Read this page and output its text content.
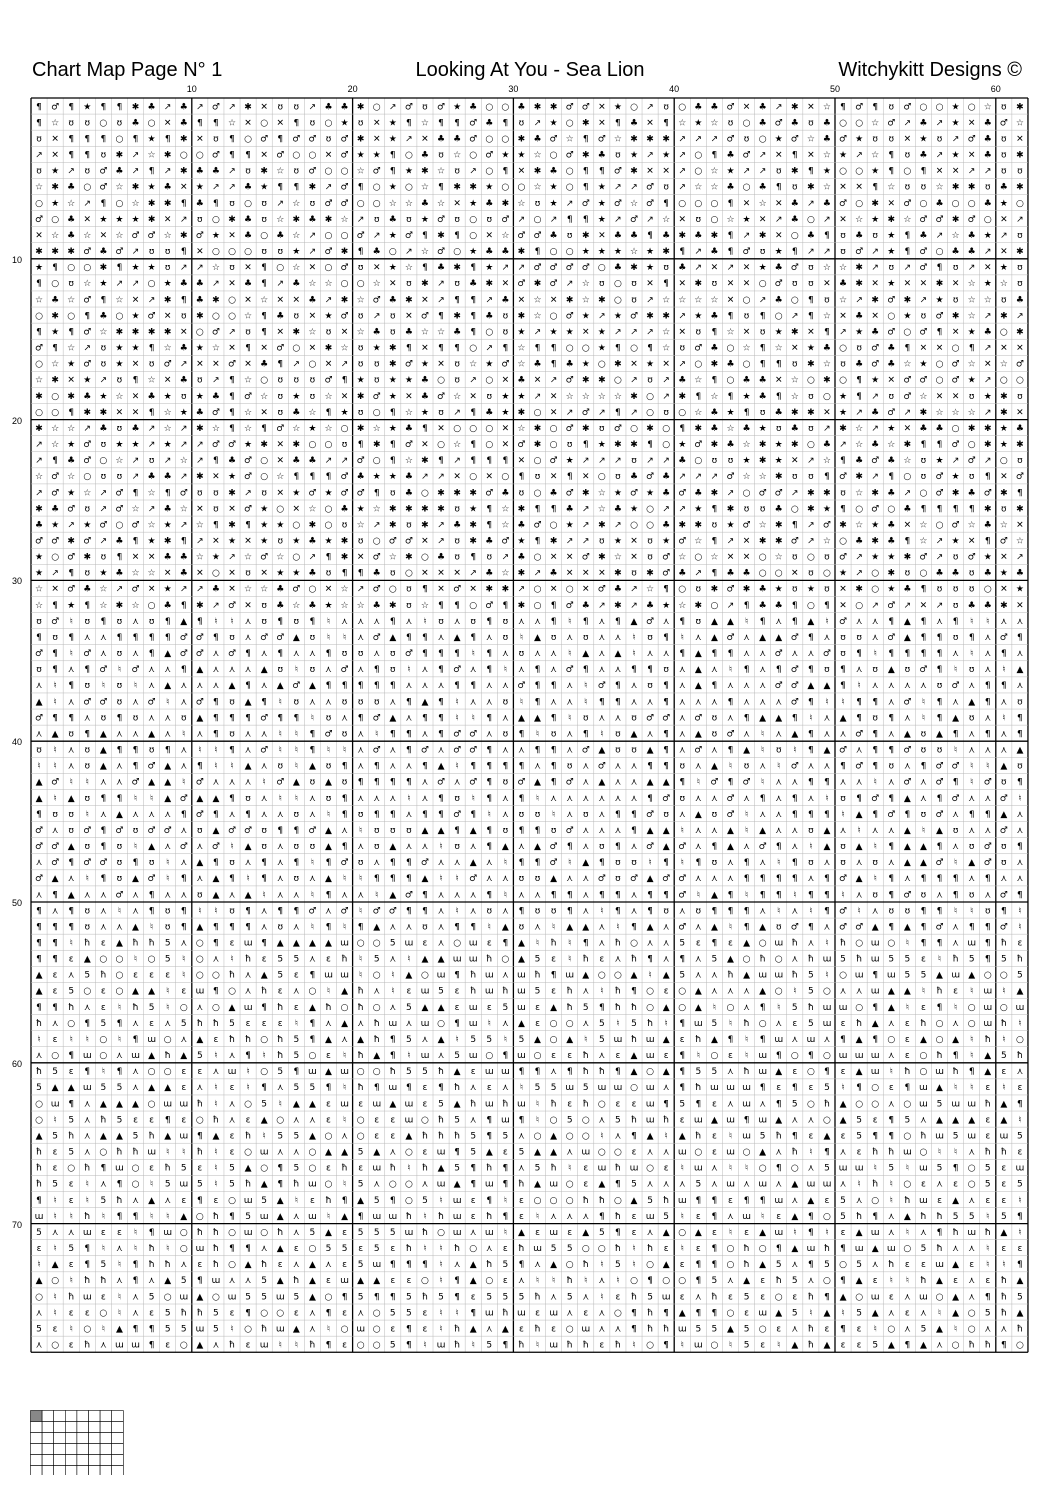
Chart Map Page N° 1	Looking At You - Sea Lion	Witchykitt Designs ©
10	20	30	40	50	60
10
20
30
40
50
60
70
¶ ♂ ¶ ★ ¶ ¶ ✱ ♣ ↗ ♣ ↗ ♂ ↗ ✱ ✕ ʊ ʊ ↗ ♣ ♣ ✱ ○ ↗ ♂ ʊ ♂ ★ ♣ ○ ○ ♣ ✱ ✱ ♂ ♂ ✕ ★ ○ ↗ ʊ ○ ♣ ♣ ♂ ✕ ♣ ↗ ✱ ✕ ☆ ¶ ♂ ¶ ʊ ♂ ○ ○ ★ ○ ☆ ʊ ✱
¶ ☆ ʊ ʊ ○ ʊ ♣ ○ ✕ ♣ ¶ ¶ ☆ ✕ ○ ✕ ¶ ʊ ○ ★ ʊ ✕ ★ ¶ ☆ ¶ ¶ ♂ ♣ ¶ ʊ ↗ ★ ○ ✱ ✕ ¶ ♣ ✕ ¶ ☆ ★ ☆ ʊ ○ ♣ ♂ ♣ ʊ ♣ ○ ○ ☆ ♂ ↗ ♣ ↗ ★ ✕ ♣ ♂ ☆
ʊ ✕ ¶ ¶ ¶ ○ ¶ ★ ¶ ✱ ✕ ʊ ¶ ○ ♂ ¶ ♂ ♂ ʊ ♂ ✱ ✕ ★ ↗ ✕ ♣ ♣ ♂ ○ ○ ✱ ♣ ♂ ☆ ¶ ♂ ☆ ✱ ✱ ✱ ↗ ↗ ↗ ♂ ʊ ○ ★ ♂ ☆ ♣ ♂ ★ ʊ ʊ ✕ ★ ʊ ↗ ♂ ♣ ʊ ✕
↗ ✕ ¶ ¶ ʊ ✱ ↗ ☆ ✱ ○ ○ ♂ ¶ ¶ ✕ ♂ ○ ○ ✕ ♂ ★ ★ ¶ ○ ♣ ʊ ☆ ○ ♂ ★ ★ ☆ ○ ♂ ✱ ♣ ʊ ★ ↗ ★ ↗ ○ ¶ ♣ ♂ ↗ ✕ ¶ ✕ ☆ ★ ↗ ☆ ¶ ʊ ♣ ↗ ★ ✕ ♣ ʊ ✱
ʊ ★ ↗ ʊ ♂ ♣ ↗ ¶ ↗ ✱ ♣ ♣ ↗ ʊ ✱ ☆ ʊ ♂ ○ ○ ☆ ♂ ¶ ★ ✱ ☆ ʊ ↗ ○ ¶ ✕ ✱ ♣ ○ ¶ ¶ ♂ ✱ ✕ ✕ ↗ ○ ☆ ★ ↗ ↗ ʊ ✱ ¶ ★ ○ ○ ★ ¶ ○ ¶ ✕ ✕ ↗ ↗ ʊ ʊ
☆ ✱ ♣ ○ ♂ ☆ ✱ ★ ♣ ✕ ★ ↗ ↗ ♣ ★ ¶ ¶ ✱ ↗ ♂ ¶ ○ ★ ○ ☆ ¶ ✱ ✱ ★ ○ ○ ☆ ★ ○ ¶ ★ ↗ ↗ ♂ ʊ ↗ ☆ ☆ ♣ ○ ♣ ¶ ʊ ✱ ☆ ✕ ✕ ¶ ☆ ʊ ʊ ☆ ✱ ✱ ʊ ♣ ✱
○ ★ ☆ ↗ ¶ ○ ☆ ✱ ✱ ¶ ♣ ¶ ʊ ○ ʊ ↗ ☆ ʊ ♂ ♂ ○ ○ ☆ ☆ ♣ ☆ ✕ ★ ♣ ✱ ☆ ʊ ★ ↗ ♂ ★ ♂ ☆ ♂ ¶ ○ ○ ○ ¶ ✕ ☆ ✕ ♣ ↗ ♣ ♂ ○ ✱ ✕ ♂ ○ ♣ ○ ○ ♣ ★ ○
♂ ○ ♣ ✕ ★ ★ ★ ✱ ✕ ↗ ʊ ○ ✱ ♣ ʊ ☆ ✱ ♣ ✱ ☆ ↗ ʊ ♣ ʊ ★ ♂ ʊ ○ ʊ ♂ ↗ ○ ↗ ¶ ¶ ★ ↗ ♂ ↗ ☆ ✕ ʊ ○ ☆ ★ ✕ ↗ ♣ ○ ↗ ✕ ☆ ★ ✱ ☆ ♂ ♂ ✱ ♂ ○ ✕ ↗
✕ ☆ ♣ ☆ ✕ ☆ ♂ ♂ ☆ ✱ ♂ ★ ✕ ♣ ○ ♣ ☆ ↗ ○ ○ ♂ ↗ ★ ♂ ¶ ✱ ¶ ○ ✕ ☆ ♂ ♂ ♣ ʊ ✱ ✕ ♣ ♣ ¶ ♣ ✱ ♣ ✱ ¶ ↗ ✱ ✕ ○ ♣ ¶ ʊ ♣ ʊ ★ ¶ ♣ ↗ ☆ ♣ ★ ↗ ʊ
✱ ✱ ✱ ♂ ♣ ♂ ↗ ʊ ʊ ¶ ✕ ○ ○ ○ ʊ ʊ ★ ↗ ♂ ✱ ¶ ♣ ○ ↗ ☆ ♂ ○ ★ ♣ ♣ ✱ ¶ ○ ○ ★ ★ ★ ☆ ★ ✱ ¶ ↗ ♣ ¶ ♂ ʊ ★ ¶ ↗ ↗ ʊ ♂ ↗ ★ ¶ ♂ ○ ♣ ♣ ↗ ✕ ✱
★ ¶ ○ ○ ✱ ¶ ★ ★ ʊ ↗ ↗ ☆ ʊ ✕ ¶ ○ ☆ ✕ ○ ♂ ʊ ✕ ★ ☆ ¶ ♣ ✱ ¶ ★ ↗ ↗ ♂ ♂ ♂ ♂ ○ ♣ ✱ ★ ʊ ♣ ↗ ✕ ↗ ✕ ★ ♣ ♂ ʊ ☆ ☆ ✱ ↗ ʊ ↗ ♂ ¶ ʊ ↗ ✕ ★ ʊ
¶ ○ ʊ ☆ ★ ↗ ↗ ○ ★ ♣ ♣ ↗ ✕ ♣ ¶ ↗ ♣ ☆ ☆ ○ ○ ☆ ✕ ʊ ✱ ↗ ʊ ♣ ✱ ✕ ♂ ✱ ♂ ↗ ☆ ʊ ○ ʊ ✕ ¶ ✕ ✱ ʊ ✕ ✕ ○ ♂ ʊ ʊ ✕ ♣ ✱ ✕ ★ ✕ ✕ ✱ ✕ ☆ ★ ☆ ʊ
☆ ♣ ☆ ♂ ¶ ☆ ✕ ↗ ✱ ¶ ♣ ✱ ○ ✕ ☆ ✕ ✕ ♣ ↗ ✱ ☆ ♂ ♣ ✱ ✕ ↗ ¶ ¶ ↗ ♣ ✕ ☆ ✕ ✱ ☆ ✱ ○ ʊ ↗ ☆ ☆ ☆ ☆ ✕ ○ ↗ ♣ ○ ¶ ʊ ☆ ↗ ✱ ♂ ✱ ↗ ★ ʊ ☆ ☆ ʊ ♣
○ ✱ ○ ¶ ♣ ○ ★ ♂ ✕ ʊ ✱ ○ ○ ☆ ¶ ♣ ʊ ✕ ★ ♂ ʊ ↗ ʊ ✕ ♂ ¶ ✱ ¶ ♣ ʊ ✱ ☆ ○ ♂ ★ ↗ ★ ♂ ✱ ✱ ↗ ★ ♣ ¶ ʊ ¶ ○ ↗ ¶ ☆ ✕ ♣ ✕ ○ ★ ʊ ♂ ✱ ☆ ↗ ✱ ↗
¶ ★ ¶ ♂ ☆ ✱ ✱ ✱ ✱ ✕ ○ ♂ ↗ ʊ ¶ ✕ ✱ ☆ ʊ ✕ ☆ ♣ ʊ ♣ ☆ ☆ ♣ ¶ ○ ʊ ★ ↗ ★ ★ ✕ ★ ↗ ↗ ↗ ☆ ✕ ʊ ¶ ☆ ✕ ʊ ★ ✱ ✕ ¶ ↗ ★ ♣ ♂ ○ ♂ ¶ ✕ ★ ♣ ○ ✱
♂ ¶ ☆ ↗ ʊ ★ ★ ¶ ☆ ♣ ★ ☆ ✕ ¶ ✕ ♂ ○ ✕ ✱ ☆ ʊ ★ ✱ ¶ ✕ ¶ ¶ ○ ↗ ¶ ☆ ¶ ¶ ○ ○ ★ ¶ ○ ¶ ☆ ʊ ♂ ♣ ○ ☆ ¶ ☆ ✕ ★ ♣ ○ ʊ ♂ ♣ ¶ ✕ ✕ ○ ¶ ↗ ✕ ✕
○ ☆ ★ ♂ ʊ ★ ✕ ʊ ♂ ↗ ✕ ✕ ♂ ✕ ♣ ¶ ↗ ○ ✕ ↗ ʊ ʊ ✱ ♂ ★ ✕ ʊ ☆ ★ ♂ ☆ ♣ ¶ ♣ ★ ○ ✱ ✕ ★ ✕ ↗ ○ ✱ ♣ ○ ¶ ¶ ʊ ✱ ☆ ʊ ♣ ♂ ♣ ☆ ★ ○ ♂ ☆ ✕ ☆ ♂
☆ ✱ ✕ ★ ↗ ʊ ¶ ☆ ✕ ♣ ʊ ↗ ¶ ☆ ○ ʊ ʊ ʊ ♂ ¶ ★ ʊ ★ ★ ♣ ○ ʊ ↗ ○ ✕ ♣ ✕ ↗ ♂ ✱ ✱ ○ ↗ ʊ ↗ ♣ ☆ ¶ ○ ♣ ♣ ✕ ☆ ○ ✱ ○ ¶ ★ ✕ ♂ ♂ ○ ♂ ★ ↗ ○ ○
✱ ○ ✱ ♣ ★ ☆ ✕ ♣ ★ ʊ ★ ♣ ¶ ♂ ☆ ʊ ★ ʊ ☆ ✕ ✱ ♂ ★ ✕ ♣ ♂ ☆ ✕ ʊ ★ ★ ↗ ✕ ☆ ☆ ☆ ☆ ✱ ○ ↗ ✱ ¶ ☆ ¶ ★ ♣ ¶ ☆ ʊ ○ ★ ¶ ↗ ʊ ♂ ☆ ✕ ✕ ʊ ★ ✱ ʊ
○ ○ ¶ ✱ ✱ ✕ ✕ ¶ ☆ ★ ♣ ♂ ¶ ☆ ✕ ʊ ♣ ☆ ¶ ★ ʊ ○ ¶ ☆ ★ ʊ ↗ ¶ ♣ ★ ✱ ○ ✕ ↗ ♂ ↗ ¶ ↗ ○ ʊ ○ ☆ ♣ ★ ¶ ʊ ♣ ✱ ✱ ✕ ★ ↗ ♣ ♂ ↗ ✱ ☆ ☆ ☆ ↗ ✱ ✕
✱ ☆ ☆ ↗ ♣ ʊ ♣ ↗ ☆ ↗ ✱ ☆ ¶ ☆ ¶ ♂ ☆ ★ ☆ ○ ✱ ☆ ★ ♣ ¶ ✕ ○ ○ ○ ✕ ☆ ✱ ○ ♂ ✱ ʊ ♂ ○ ✱ ○ ¶ ✱ ♣ ☆ ♣ ★ ʊ ♣ ʊ ↗ ✱ ☆ ↗ ★ ✕ ♣ ♣ ○ ✱ ✱ ★ ♣
↗ ☆ ★ ♂ ʊ ★ ★ ↗ ★ ↗ ↗ ♂ ♂ ★ ✱ ✕ ✱ ○ ○ ʊ ¶ ✱ ¶ ♂ ✕ ○ ☆ ¶ ○ ✕ ♂ ✱ ○ ʊ ¶ ★ ✱ ✱ ¶ ○ ★ ♂ ✱ ♣ ☆ ✱ ★ ✱ ○ ♣ ↗ ☆ ♣ ☆ ✱ ¶ ¶ ♂ ○ ✱ ★ ✱
↗ ¶ ♣ ♂ ○ ☆ ↗ ʊ ↗ ☆ ↗ ¶ ♣ ♂ ○ ✕ ♣ ♣ ↗ ↗ ♂ ○ ¶ ☆ ✱ ¶ ↗ ¶ ¶ ¶ ✕ ○ ♂ ★ ↗ ↗ ↗ ʊ ↗ ↗ ♣ ○ ʊ ʊ ★ ✱ ★ ✕ ↗ ☆ ¶ ♣ ♂ ♣ ☆ ʊ ★ ↗ ♂ ↗ ○ ʊ
☆ ♂ ☆ ○ ʊ ʊ ↗ ♣ ♣ ↗ ✱ ✕ ★ ♂ ○ ☆ ¶ ¶ ¶ ♂ ♣ ★ ★ ♣ ↗ ↗ ✕ ○ ✕ ○ ¶ ʊ ✕ ¶ ✕ ○ ʊ ♣ ♂ ♣ ↗ ↗ ↗ ♂ ☆ ☆ ✱ ʊ ʊ ¶ ♂ ✱ ↗ ¶ ○ ʊ ♂ ★ ʊ ¶ ✕ ♂
↗ ♂ ★ ☆ ↗ ♂ ¶ ☆ ¶ ♂ ʊ ʊ ✱ ↗ ʊ ✕ ★ ♂ ★ ♂ ♂ ¶ ʊ ♣ ○ ✱ ✱ ✱ ♂ ♣ ʊ ○ ♣ ♂ ✱ ☆ ★ ♂ ★ ♣ ♂ ♣ ✱ ↗ ○ ♂ ♂ ↗ ✱ ✱ ʊ ☆ ✱ ♣ ↗ ○ ♂ ✱ ♣ ♂ ✱ ¶
✱ ♣ ♂ ʊ ↗ ♂ ☆ ↗ ♣ ☆ ✕ ʊ ✕ ♂ ★ ○ ✕ ☆ ○ ♣ ★ ☆ ✱ ✱ ✱ ✱ ʊ ★ ¶ ☆ ✱ ¶ ¶ ♣ ↗ ☆ ♣ ★ ○ ↗ ↗ ★ ¶ ✱ ʊ ʊ ♣ ○ ✱ ★ ¶ ○ ♂ ○ ♣ ¶ ¶ ¶ ¶ ✱ ʊ ✱
♣ ★ ↗ ★ ♂ ○ ♂ ☆ ★ ↗ ☆ ¶ ✱ ¶ ★ ★ ○ ✱ ○ ʊ ☆ ↗ ✱ ʊ ✱ ↗ ♣ ✱ ¶ ☆ ♣ ♂ ○ ★ ↗ ✱ ↗ ○ ○ ♣ ✱ ✱ ʊ ★ ♂ ☆ ✱ ¶ ↗ ♂ ✱ ☆ ★ ♣ ✕ ☆ ○ ♂ ☆ ♣ ☆ ✕
♂ ♂ ✱ ♂ ↗ ♣ ¶ ★ ✱ ¶ ↗ ✕ ★ ✕ ★ ʊ ★ ♣ ★ ✱ ʊ ○ ♂ ♂ ✕ ↗ ʊ ✱ ♣ ♂ ★ ¶ ✱ ↗ ↗ ʊ ★ ✕ ʊ ★ ♂ ☆ ¶ ↗ ✕ ✱ ✱ ♂ ↗ ☆ ○ ♣ ✱ ♣ ¶ ☆ ↗ ★ ✕ ¶ ♂ ☆
★ ○ ♂ ✱ ʊ ¶ ✕ ✕ ♣ ♣ ☆ ★ ↗ ☆ ♂ ☆ ○ ↗ ¶ ✱ ✕ ♂ ☆ ✱ ○ ♣ ʊ ¶ ʊ ↗ ♣ ○ ✕ ✕ ♂ ✱ ☆ ✕ ʊ ♂ ☆ ○ ☆ ✕ ✕ ○ ☆ ʊ ○ ʊ ♂ ↗ ★ ★ ✱ ♂ ↗ ʊ ♂ ★ ✕ ↗
★ ↗ ¶ ʊ ★ ♣ ☆ ☆ ✕ ♣ ✕ ○ ✕ ʊ ✕ ★ ★ ♣ ʊ ¶ ¶ ♣ ʊ ○ ✕ ✕ ✕ ↗ ♣ ☆ ✱ ↗ ♣ ✕ ✕ ✕ ✱ ʊ ✱ ♂ ♣ ↗ ¶ ♣ ♣ ○ ○ ✕ ʊ ○ ★ ↗ ○ ✱ ʊ ○ ♣ ♣ ʊ ♣ ★ ♣
☆ ✕ ♂ ♣ ☆ ↗ ♂ ✕ ★ ↗ ↗ ♣ ✕ ☆ ☆ ♣ ♂ ○ ✕ ☆ ↗ ♂ ○ ʊ ¶ ✕ ♂ ✕ ✱ ✱ ↗ ○ ✕ ○ ✕ ♂ ♣ ↗ ☆ ¶ ○ ʊ ✱ ♂ ✱ ♣ ★ ʊ ★ ʊ ✕ ✱ ○ ★ ♣ ¶ ʊ ʊ ʊ ○ ✕ ★
☆ ¶ ★ ¶ ☆ ✱ ☆ ○ ♣ ¶ ✱ ↗ ♂ ✕ ʊ ♣ ☆ ♣ ★ ☆ ☆ ♣ ✱ ʊ ☆ ¶ ¶ ○ ♂ ¶ ✱ ○ ¶ ♂ ♣ ↗ ✱ ↗ ♣ ★ ☆ ✱ ○ ↗ ¶ ♣ ♣ ¶ ○ ¶ ✕ ○ ↗ ♂ ↗ ✕ ↗ ʊ ♣ ♣ ✱ ✕
ʊ ♂ ♮ ʊ ¶ ʊ ⋏ ʊ ¶ ▲ ¶ ♮ ♮ ⋏ ʊ ¶ ʊ ¶ ♮ ⋏ ⋏ ⋏ ¶ ⋏ ♮ ʊ ⋏ ʊ ¶ ʊ ⋏ ⋏ ¶ ♮ ¶ ⋏ ¶ ▲ ♂ ⋏ ¶ ʊ ▲ ▲ ♮ ¶ ⋏ ¶ ▲ ♮ ♂ ⋏ ⋏ ¶ ▲ ¶ ⋏ ¶ ♮ ♮ ⋏ ⋏
¶ ʊ ¶ ⋏ ⋏ ¶ ¶ ¶ ¶ ♂ ♂ ¶ ʊ ⋏ ♂ ♂ ▲ ʊ ♮ ♮ ⋏ ♂ ▲ ¶ ¶ ⋏ ▲ ¶ ⋏ ʊ ♮ ▲ ʊ ⋏ ʊ ⋏ ⋏ ♮ ʊ ¶ ♮ ⋏ ▲ ♂ ⋏ ▲ ▲ ♂ ¶ ⋏ ʊ ʊ ⋏ ♂ ▲ ¶ ¶ ʊ ¶ ⋏ ♂ ¶
♂ ¶ ♮ ♂ ⋏ ʊ ⋏ ¶ ▲ ♂ ♂ ⋏ ♂ ¶ ⋏ ¶ ⋏ ⋏ ¶ ʊ ʊ ⋏ ʊ ♂ ¶ ¶ ¶ ♮ ¶ ⋏ ʊ ⋏ ⋏ ♮ ▲ ⋏ ▲ ♮ ⋏ ⋏ ¶ ▲ ¶ ¶ ⋏ ⋏ ♂ ⋏ ⋏ ♂ ʊ ¶ ♮ ¶ ¶ ¶ ¶ ⋏ ♮ ⋏ ¶ ⋏
ʊ ¶ ⋏ ¶ ♂ ♮ ♂ ⋏ ⋏ ¶ ▲ ⋏ ⋏ ⋏ ▲ ʊ ♮ ʊ ⋏ ♂ ⋏ ¶ ʊ ♮ ⋏ ¶ ♂ ⋏ ¶ ♮ ⋏ ¶ ⋏ ♂ ¶ ⋏ ⋏ ¶ ¶ ʊ ⋏ ▲ ⋏ ♮ ¶ ⋏ ¶ ♂ ¶ ʊ ¶ ⋏ ʊ ▲ ʊ ♂ ¶ ♮ ʊ ⋏ ♮ ▲
⋏ ♮ ¶ ʊ ♮ ʊ ♮ ⋏ ▲ ⋏ ⋏ ⋏ ▲ ¶ ⋏ ▲ ♂ ▲ ¶ ¶ ¶ ¶ ¶ ⋏ ⋏ ⋏ ¶ ¶ ⋏ ⋏ ♂ ¶ ¶ ⋏ ♮ ♂ ¶ ⋏ ʊ ¶ ⋏ ▲ ¶ ⋏ ⋏ ⋏ ♂ ♂ ▲ ▲ ¶ ♮ ⋏ ⋏ ⋏ ⋏ ʊ ♂ ⋏ ¶ ¶ ⋏
▲ ♮ ⋏ ♂ ♂ ʊ ⋏ ♂ ♮ ⋏ ♂ ¶ ʊ ▲ ¶ ♮ ʊ ⋏ ⋏ ʊ ʊ ʊ ⋏ ¶ ▲ ¶ ♮ ⋏ ⋏ ʊ ♮ ¶ ⋏ ⋏ ♮ ¶ ¶ ⋏ ⋏ ¶ ⋏ ⋏ ⋏ ¶ ⋏ ⋏ ⋏ ♂ ¶ ♮ ♮ ¶ ¶ ⋏ ♂ ♮ ¶ ⋏ ▲ ¶ ⋏ ʊ
♂ ¶ ¶ ⋏ ʊ ¶ ʊ ⋏ ⋏ ʊ ▲ ¶ ¶ ¶ ♂ ¶ ¶ ♮ ʊ ⋏ ¶ ♂ ▲ ⋏ ¶ ¶ ♮ ♮ ¶ ⋏ ▲ ▲ ¶ ♮ ʊ ⋏ ⋏ ʊ ♂ ♂ ⋏ ♂ ʊ ⋏ ¶ ▲ ▲ ¶ ♮ ⋏ ▲ ¶ ʊ ¶ ⋏ ♮ ¶ ▲ ʊ ⋏ ♮ ¶
⋏ ▲ ʊ ¶ ▲ ⋏ ⋏ ▲ ⋏ ♮ ⋏ ¶ ʊ ⋏ ⋏ ♮ ♮ ¶ ♂ ʊ ⋏ ♮ ¶ ¶ ⋏ ¶ ♂ ♂ ⋏ ʊ ¶ ♮ ʊ ⋏ ¶ ♮ ʊ ▲ ⋏ ¶ ⋏ ▲ ʊ ♂ ⋏ ♮ ⋏ ▲ ¶ ⋏ ⋏ ♂ ¶ ⋏ ▲ ʊ ▲ ¶ ⋏ ¶ ⋏ ¶
ʊ ♮ ⋏ ʊ ▲ ¶ ¶ ʊ ¶ ⋏ ♮ ♮ ¶ ⋏ ♂ ♮ ♮ ¶ ♮ ♮ ⋏ ♂ ⋏ ¶ ♂ ⋏ ♂ ♂ ¶ ⋏ ⋏ ¶ ¶ ⋏ ♂ ▲ ʊ ʊ ▲ ¶ ⋏ ♂ ⋏ ¶ ▲ ♮ ʊ ♮ ¶ ▲ ♂ ⋏ ¶ ¶ ♂ ʊ ʊ ♮ ⋏ ⋏ ⋏ ▲
♮ ♮ ⋏ ʊ ▲ ⋏ ¶ ♂ ▲ ⋏ ¶ ♮ ♮ ▲ ⋏ ʊ ♮ ▲ ʊ ¶ ⋏ ¶ ⋏ ⋏ ¶ ▲ ♮ ¶ ¶ ¶ ¶ ⋏ ¶ ʊ ⋏ ♂ ⋏ ⋏ ¶ ¶ ʊ ⋏ ▲ ♮ ʊ ⋏ ♮ ♂ ⋏ ⋏ ¶ ♂ ¶ ʊ ⋏ ¶ ♂ ♂ ♮ ♮ ▲ ʊ
▲ ♂ ♮ ♮ ⋏ ⋏ ♂ ▲ ▲ ♮ ♂ ⋏ ⋏ ⋏ ♮ ♂ ▲ ʊ ▲ ʊ ¶ ¶ ¶ ¶ ⋏ ♂ ⋏ ♂ ¶ ʊ ♂ ▲ ¶ ♂ ⋏ ▲ ⋏ ⋏ ▲ ▲ ¶ ♮ ♂ ¶ ♂ ♮ ⋏ ⋏ ¶ ¶ ⋏ ⋏ ♮ ⋏ ♂ ⋏ ♂ ¶ ♮ ♂ ʊ ¶
▲ ♮ ▲ ʊ ¶ ¶ ♮ ♮ ▲ ♂ ▲ ▲ ¶ ʊ ⋏ ♮ ♮ ⋏ ʊ ¶ ⋏ ⋏ ⋏ ♮ ⋏ ¶ ʊ ♮ ¶ ⋏ ¶ ♮ ⋏ ⋏ ⋏ ⋏ ⋏ ⋏ ¶ ♂ ʊ ⋏ ⋏ ♂ ⋏ ¶ ⋏ ¶ ⋏ ♮ ʊ ¶ ♂ ¶ ▲ ⋏ ¶ ♂ ⋏ ⋏ ♂ ♮
¶ ʊ ʊ ♮ ⋏ ▲ ⋏ ⋏ ⋏ ¶ ♂ ¶ ⋏ ¶ ⋏ ⋏ ʊ ⋏ ♮ ¶ ʊ ¶ ¶ ⋏ ¶ ¶ ♂ ¶ ♮ ⋏ ʊ ʊ ♮ ⋏ ʊ ⋏ ¶ ¶ ♂ ʊ ⋏ ▲ ʊ ♂ ♮ ⋏ ⋏ ¶ ¶ ¶ ♮ ▲ ¶ ♂ ¶ ʊ ♂ ⋏ ¶ ¶ ▲ ⋏
♂ ⋏ ʊ ♂ ¶ ♂ ʊ ♂ ♂ ⋏ ʊ ▲ ♂ ♂ ʊ ¶ ¶ ♂ ▲ ⋏ ♮ ʊ ʊ ʊ ▲ ▲ ¶ ▲ ¶ ʊ ¶ ¶ ʊ ♂ ⋏ ⋏ ⋏ ¶ ▲ ▲ ♮ ⋏ ⋏ ▲ ♮ ▲ ⋏ ⋏ ʊ ▲ ⋏ ♮ ⋏ ⋏ ▲ ♮ ▲ ʊ ⋏ ⋏ ♂ ⋏
♂ ♂ ▲ ʊ ¶ ʊ ♮ ▲ ⋏ ♂ ⋏ ♂ ♮ ▲ ʊ ⋏ ʊ ʊ ▲ ¶ ⋏ ʊ ▲ ⋏ ⋏ ♮ ʊ ⋏ ¶ ▲ ⋏ ▲ ♂ ¶ ⋏ ʊ ¶ ⋏ ♂ ▲ ♂ ⋏ ¶ ▲ ⋏ ♂ ¶ ⋏ ♮ ▲ ʊ ▲ ♮ ¶ ▲ ▲ ¶ ⋏ ʊ ♂ ʊ ¶
⋏ ♂ ¶ ♂ ♂ ʊ ¶ ʊ ♮ ⋏ ▲ ¶ ʊ ⋏ ¶ ⋏ ¶ ♮ ¶ ♂ ʊ ⋏ ¶ ¶ ♂ ⋏ ⋏ ▲ ⋏ ♮ ¶ ¶ ♂ ♮ ▲ ¶ ʊ ʊ ♮ ¶ ♮ ¶ ʊ ⋏ ¶ ⋏ ♮ ¶ ʊ ⋏ ʊ ⋏ ʊ ⋏ ▲ ▲ ♂ ♮ ▲ ♂ ʊ ⋏
♂ ▲ ⋏ ♮ ¶ ʊ ▲ ♂ ♮ ¶ ⋏ ▲ ¶ ♮ ¶ ⋏ ʊ ⋏ ▲ ♮ ♮ ¶ ¶ ¶ ▲ ♮ ♮ ♂ ⋏ ⋏ ʊ ʊ ▲ ⋏ ⋏ ♂ ʊ ♂ ▲ ♂ ♂ ⋏ ⋏ ⋏ ¶ ¶ ¶ ¶ ⋏ ¶ ♂ ▲ ♮ ¶ ⋏ ¶ ¶ ¶ ⋏ ¶ ⋏ ⋏
⋏ ¶ ▲ ⋏ ⋏ ♂ ⋏ ¶ ⋏ ⋏ ʊ ▲ ⋏ ▲ ♮ ⋏ ⋏ ♮ ¶ ⋏ ⋏ ♮ ▲ ♂ ¶ ⋏ ⋏ ⋏ ¶ ♮ ⋏ ⋏ ¶ ¶ ⋏ ¶ ¶ ⋏ ¶ ¶ ♂ ♮ ▲ ¶ ♮ ¶ ¶ ♮ ¶ ¶ ♮ ⋏ ʊ ¶ ♂ ʊ ⋏ ¶ ʊ ⋏ ♂ ¶
¶ ⋏ ¶ ʊ ⋏ ♮ ⋏ ¶ ʊ ¶ ♮ ♮ ʊ ¶ ⋏ ¶ ¶ ♂ ⋏ ♂ ♮ ♂ ♂ ¶ ¶ ⋏ ♮ ⋏ ʊ ⋏ ¶ ʊ ʊ ¶ ⋏ ♮ ¶ ⋏ ¶ ʊ ⋏ ʊ ¶ ¶ ¶ ⋏ ♮ ⋏ ♮ ¶ ♂ ♮ ⋏ ʊ ʊ ¶ ¶ ♮ ♮ ʊ ¶ ♮
¶ ¶ ¶ ʊ ⋏ ⋏ ▲ ♮ ʊ ¶ ▲ ¶ ¶ ¶ ⋏ ʊ ⋏ ♮ ¶ ♮ ¶ ▲ ⋏ ⋏ ʊ ⋏ ¶ ¶ ♮ ▲ ʊ ⋏ ♮ ▲ ▲ ⋏ ♮ ¶ ▲ ⋏ ♂ ⋏ ▲ ♮ ¶ ▲ ʊ ♂ ¶ ⋏ ♂ ♂ ▲ ¶ ▲ ¶ ♂ ⋏ ¶ ¶ ♂ ♮
¶ ¶ ♮ ħ ɛ ▲ ħ ħ 5 ⋏ ○ ¶ ɛ ɯ ¶ ▲ ▲ ▲ ▲ ɯ ○ ○ 5 ɯ ɛ ⋏ ○ ɯ ɛ ¶ ▲ ♮ ħ ♮ ¶ ⋏ ħ ○ ⋏ ⋏ 5 ɛ ¶ ɛ ▲ ○ ɯ ħ ⋏ ♮ ħ ○ ɯ ○ ♮ ¶ ¶ ⋏ ɯ ¶ ħ ɛ
¶ ¶ ɛ ▲ ○ ○ ♮ ○ 5 ♮ ○ ⋏ ♮ ħ ɛ 5 5 ⋏ ɛ ħ ♮ 5 ⋏ ♮ ▲ ▲ ɯ ɯ ħ ○ ▲ 5 ɛ ♮ ħ ɛ ⋏ ħ ¶ ⋏ ¶ ⋏ 5 ▲ ○ ħ ○ ⋏ ħ ɯ 5 ħ ɯ 5 5 ɛ ♮ ħ 5 ¶ 5 ħ
▲ ɛ ⋏ 5 ħ ○ ɛ ɛ ɛ ♮ ○ ○ ħ ⋏ ▲ 5 ɛ ¶ ɯ ɯ ♮ ○ ♮ ▲ ○ ɯ ¶ ħ ɯ ⋏ ɯ ħ ¶ ɯ ▲ ○ ○ ▲ ♮ ▲ 5 ⋏ ⋏ ħ ▲ ɯ ɯ ħ 5 ♮ ○ ɯ ¶ ɯ 5 5 ▲ ɯ ▲ ○ ○ 5
▲ ɛ 5 ○ ɛ ○ ▲ ▲ ♮ ɛ ɯ ¶ ○ ⋏ ħ ɛ ⋏ ○ ♮ ▲ ħ ⋏ ♮ ɛ ɯ 5 ɛ ħ ɯ ħ ɯ 5 ɛ ħ ⋏ ♮ ħ ¶ ○ ɛ ○ ▲ ⋏ ⋏ ⋏ ▲ ○ ♮ 5 ○ ⋏ ⋏ ɯ ▲ ▲ ♮ ħ ɛ ♮ ɯ ♮ ▲
¶ ¶ ħ ⋏ ɛ ♮ ħ 5 ♮ ○ ⋏ ○ ▲ ɯ ¶ ħ ɛ ▲ ħ ○ ħ ○ ⋏ 5 ▲ ▲ ɛ ɯ ɛ 5 ɯ ɛ ▲ ħ 5 ¶ ħ ħ ○ ▲ ○ ▲ ♮ ○ ⋏ ¶ ♮ 5 ħ ɯ ɯ ○ ¶ ▲ ♮ ɛ ¶ ♮ ○ ɯ ○ ɯ
ħ ⋏ ○ ¶ 5 ¶ ⋏ ɛ ⋏ 5 ħ ħ 5 ɛ ɛ ɛ ♮ ¶ ⋏ ▲ ⋏ ħ ɯ ⋏ ɯ ○ ¶ ɯ ♮ ⋏ ▲ ɛ ○ ○ ⋏ 5 ♮ 5 ħ ♮ ¶ ɯ 5 ♮ ħ ○ ⋏ ɛ 5 ɯ ɛ ħ ▲ ⋏ ɛ ħ ○ ⋏ ○ ɯ ħ ♮
♮ ɛ ♮ ♮ ○ ♮ ¶ ɯ ○ ⋏ ▲ ɛ ħ ħ ○ ħ 5 ¶ ▲ ⋏ ▲ ħ ¶ 5 ⋏ ▲ ♮ 5 5 ♮ 5 ▲ ○ ▲ ♮ 5 ɯ ħ ɯ ▲ ɛ ħ ▲ ¶ ♮ ¶ ɯ ⋏ ɯ ⋏ ¶ ▲ ¶ ○ ɛ ▲ ○ ▲ ♮ ħ ♮ ○
⋏ ○ ¶ ɯ ○ ⋏ ɯ ▲ ħ ▲ 5 ♮ ⋏ ¶ ♮ ħ 5 ○ ɛ ♮ ħ ▲ ¶ ♮ ɯ ⋏ 5 ɯ ○ ¶ ɯ ○ ɛ ɛ ħ ⋏ ɛ ▲ ɯ ɛ ¶ ♮ ○ ɛ ♮ ɯ ¶ ○ ¶ ○ ɯ ɯ ɯ ⋏ ɛ ○ ħ ¶ ♮ ▲ 5 ħ
ħ 5 ɛ ¶ ♮ ¶ ⋏ ○ ○ ɛ ɛ ⋏ ɯ ♮ ○ 5 ¶ ɯ ▲ ɯ ○ ○ ħ 5 5 ħ ▲ ɛ ɯ ɯ ¶ ¶ ⋏ ¶ ħ ħ ¶ ▲ ○ ▲ ¶ 5 5 ⋏ ħ ɯ ▲ ɛ ○ ¶ ɛ ▲ ɯ ♮ ħ ○ ɯ ħ ¶ ▲ ɛ ⋏
5 ▲ ▲ ɯ 5 5 ⋏ ▲ ▲ ɛ ⋏ ♮ ɛ ♮ ¶ ⋏ 5 5 ¶ ♮ ħ ¶ ɯ ¶ ɛ ¶ ħ ⋏ ɛ ⋏ ♮ 5 5 ɯ 5 ɯ ɯ ○ ɯ ⋏ ¶ ħ ɯ ɯ ɯ ¶ ɛ ¶ ɛ 5 ♮ ¶ ○ ɛ ¶ ɯ ▲ ♮ ♮ ɛ ♮ ɛ
○ ɯ ¶ ⋏ ▲ ▲ ▲ ○ ɯ ɯ ħ ♮ ⋏ ○ 5 ♮ ▲ ▲ ɛ ɯ ɛ ɯ ▲ ɯ ɛ 5 ▲ ħ ɯ ħ ɯ ♮ ħ ɛ ħ ○ ɛ ɛ ɯ ¶ 5 ¶ ɛ ⋏ ɯ ⋏ ¶ 5 ○ ħ ▲ ○ ○ ⋏ ○ ɯ 5 ɯ ɯ ħ ▲ ¶
○ ♮ 5 ⋏ ħ 5 ɛ ɛ ¶ ɛ ○ ħ ⋏ ɛ ▲ ○ ⋏ ⋏ ɛ ♮ ○ ɛ ɛ ɯ ○ ħ 5 ⋏ ¶ ɯ ¶ ♮ ○ 5 ○ ⋏ 5 ħ ɯ ħ ɛ ɯ ▲ ɯ ¶ ɯ ▲ ⋏ ⋏ ○ ▲ 5 ɛ ¶ 5 ⋏ ▲ ▲ ▲ ɛ ▲ ♮
▲ 5 ħ ⋏ ▲ ▲ 5 ħ ▲ ɯ ¶ ▲ ɛ ħ ♮ 5 5 ▲ ○ ⋏ ○ ɛ ɛ ▲ ħ ħ ħ 5 ¶ 5 ⋏ ○ ▲ ○ ○ ♮ ⋏ ¶ ▲ ♮ ▲ ħ ɛ ♮ ɯ 5 ħ ¶ ɛ ▲ ɛ 5 ¶ ¶ ○ ħ ɯ 5 ɯ ɛ ɯ 5
ħ ɛ 5 ⋏ ○ ħ ħ ɯ ♮ ♮ ħ ♮ ɛ ○ ɯ ⋏ ⋏ ○ ▲ ▲ 5 ▲ ⋏ ○ ɛ ɯ ¶ 5 ▲ ɛ 5 ▲ ▲ ⋏ ɯ ○ ○ ɛ ⋏ ⋏ ɯ ○ ɛ ɯ ○ ▲ ⋏ ħ ♮ ¶ ⋏ ɛ ħ ħ ɯ ○ ♮ ♮ ⋏ ħ ħ ɛ
ħ ɛ ○ ħ ¶ ɯ ○ ɛ ħ 5 ɛ ♮ 5 ▲ ○ ¶ 5 ○ ɛ ħ ɛ ɯ ħ ♮ ħ ▲ 5 ¶ ħ ¶ ⋏ 5 ħ ♮ ɛ ɯ ħ ɯ ○ ɛ ♮ ɯ ⋏ ♮ ♮ ○ ¶ ○ ⋏ 5 ɯ ɯ ♮ 5 ♮ ɯ 5 ¶ ○ 5 ɛ ɯ
ħ 5 ɛ ♮ ⋏ ¶ ○ ♮ 5 ɯ 5 ♮ 5 ħ ▲ ¶ ħ ɯ ○ ♮ 5 ⋏ ○ ○ ⋏ ɯ ▲ ¶ ɯ ¶ ħ ▲ ɯ ○ ɛ ▲ ¶ 5 ⋏ ⋏ ⋏ 5 ⋏ ɯ ⋏ ɯ ⋏ ▲ ɯ ɯ ⋏ ♮ ħ ♮ ○ ɛ ⋏ ɛ ○ 5 ɛ 5
¶ ♮ ɛ ♮ 5 ħ ⋏ ▲ ⋏ ɛ ¶ ɛ ○ ɯ 5 ▲ ♮ ɛ ħ ¶ ▲ 5 ¶ ○ 5 ♮ ɯ ɛ ¶ ♮ ɛ ○ ○ ○ ħ ħ ○ ▲ 5 ħ ɯ ¶ ¶ ɛ ¶ ¶ ɯ ⋏ ▲ ɛ 5 ⋏ ○ ♮ ħ ɯ ɛ ▲ ⋏ ɛ ɛ ♮
ɯ ♮ ♮ ħ ♮ ¶ ¶ ♮ ♮ ▲ ○ ħ ¶ 5 ɯ ▲ ⋏ ɯ ♮ ▲ ¶ ɯ ɯ ħ ♮ ħ ɯ ɛ ħ ¶ ɛ ♮ ⋏ ⋏ ⋏ ¶ ħ ɛ ɯ 5 ♮ ɛ ¶ ⋏ ɯ ♮ ɛ ▲ ¶ ○ 5 ħ ¶ ⋏ ▲ ħ ħ 5 5 ♮ 5 ¶
5 ⋏ ⋏ ɯ ɛ ɛ ♮ ¶ ɯ ○ ħ ħ ○ ɯ ○ ħ ⋏ 5 ▲ ɛ 5 5 5 ɯ ħ ○ ɯ ⋏ ɯ ♮ ▲ ɛ ɯ ɛ ▲ 5 ¶ ɛ ⋏ ▲ ○ ▲ ɛ ♮ ɛ ▲ ɯ ♮ ¶ ♮ ɛ ▲ ɯ ⋏ ♮ ⋏ ¶ ħ ɯ ħ ▲ ♮
ɛ ♮ 5 ¶ ♮ ⋏ ♮ ħ ♮ ○ ɯ ħ ¶ ¶ ⋏ ▲ ɛ ○ 5 5 ɛ 5 ɛ ħ ♮ ♮ ħ ○ ⋏ ɛ ħ ɯ 5 5 ○ ○ ħ ♮ ħ ɛ ♮ ɛ ¶ ○ ħ ○ ¶ ▲ ɯ ħ ¶ ɯ ▲ ɯ ○ 5 ħ ⋏ ⋏ ♮ ɛ ɛ
♮ ▲ ɛ ¶ 5 ♮ ¶ ħ ħ ⋏ ɛ ħ ○ ▲ ħ ɛ ⋏ ▲ ⋏ ɛ 5 ɯ ¶ ¶ ¶ ♮ ⋏ ▲ ħ 5 ¶ ⋏ ▲ ○ ħ ♮ 5 ♮ ○ ▲ ɛ ¶ ¶ ○ ħ ▲ 5 ⋏ ¶ 5 ○ 5 ⋏ ħ ɛ ɛ ɯ ▲ ɛ ♮ ♮ ¶
▲ ○ ♮ ħ ħ ⋏ ¶ ⋏ ▲ 5 ¶ ɯ ⋏ ⋏ 5 ▲ ħ ▲ ɛ ɯ ▲ ▲ ɛ ɛ ○ ♮ ¶ ▲ ○ ɛ ⋏ ♮ ♮ ħ ♮ ⋏ ♮ ○ ¶ ○ ○ ¶ 5 ⋏ ▲ ɛ ħ 5 ⋏ ○ ¶ ▲ ɛ ♮ ♮ ħ ▲ ɛ ⋏ ɛ ħ ▲
○ ♮ ħ ɯ ɛ ♮ ⋏ 5 ○ ɯ ▲ ○ ɯ 5 5 ɯ 5 ▲ ○ ¶ 5 ¶ ¶ 5 ħ 5 ¶ ɛ 5 5 5 ħ ⋏ 5 ⋏ ♮ ɛ ħ 5 ɯ ɛ ⋏ ħ ɛ 5 ɛ ○ ɛ ħ ¶ ▲ ○ ɯ ɛ ⋏ ɯ ○ ▲ ⋏ ¶ ħ 5
⋏ ♮ ɛ ɛ ○ ♮ ⋏ ɛ 5 ħ ħ 5 ɛ ¶ ○ ○ ɛ ⋏ ¶ ɛ ⋏ ○ 5 5 ɛ ♮ ♮ ¶ ɯ ħ ɯ ɛ ɯ ⋏ ɛ ⋏ ○ ¶ ħ ¶ ▲ ¶ ¶ ○ ɛ ɯ ▲ 5 ♮ ▲ ♮ 5 ▲ ⋏ ɛ ⋏ ♮ ▲ ○ 5 ħ ▲
5 ɛ ♮ ○ ♮ ▲ ¶ ¶ 5 5 ɯ 5 ♮ ○ ħ ɯ ▲ ⋏ ♮ ○ ɯ ○ ɛ ¶ ɛ ♮ ħ ▲ ⋏ ▲ ɛ ħ ɛ ○ ɯ ⋏ ⋏ ¶ ħ ħ ɯ 5 5 ▲ 5 ○ ɛ ⋏ ħ ɛ ¶ ɛ ♮ ○ ⋏ 5 ▲ ♮ ○ ⋏ ⋏ ħ
⋏ ○ ɛ ħ ⋏ ɯ ɯ ¶ ɛ ○ ▲ ⋏ ħ ɛ ɯ ♮ ♮ ħ ¶ ɛ ○ ○ 5 ¶ ♮ ɯ ħ ♮ 5 ¶ ħ ♮ ɯ ħ ħ ɛ ħ ♮ ○ ¶ ♮ ɯ ○ ♮ 5 ɛ ♮ ▲ ħ ▲ ɛ ɛ 5 ▲ ¶ ▲ ⋏ ○ ħ ħ ¶ ○
